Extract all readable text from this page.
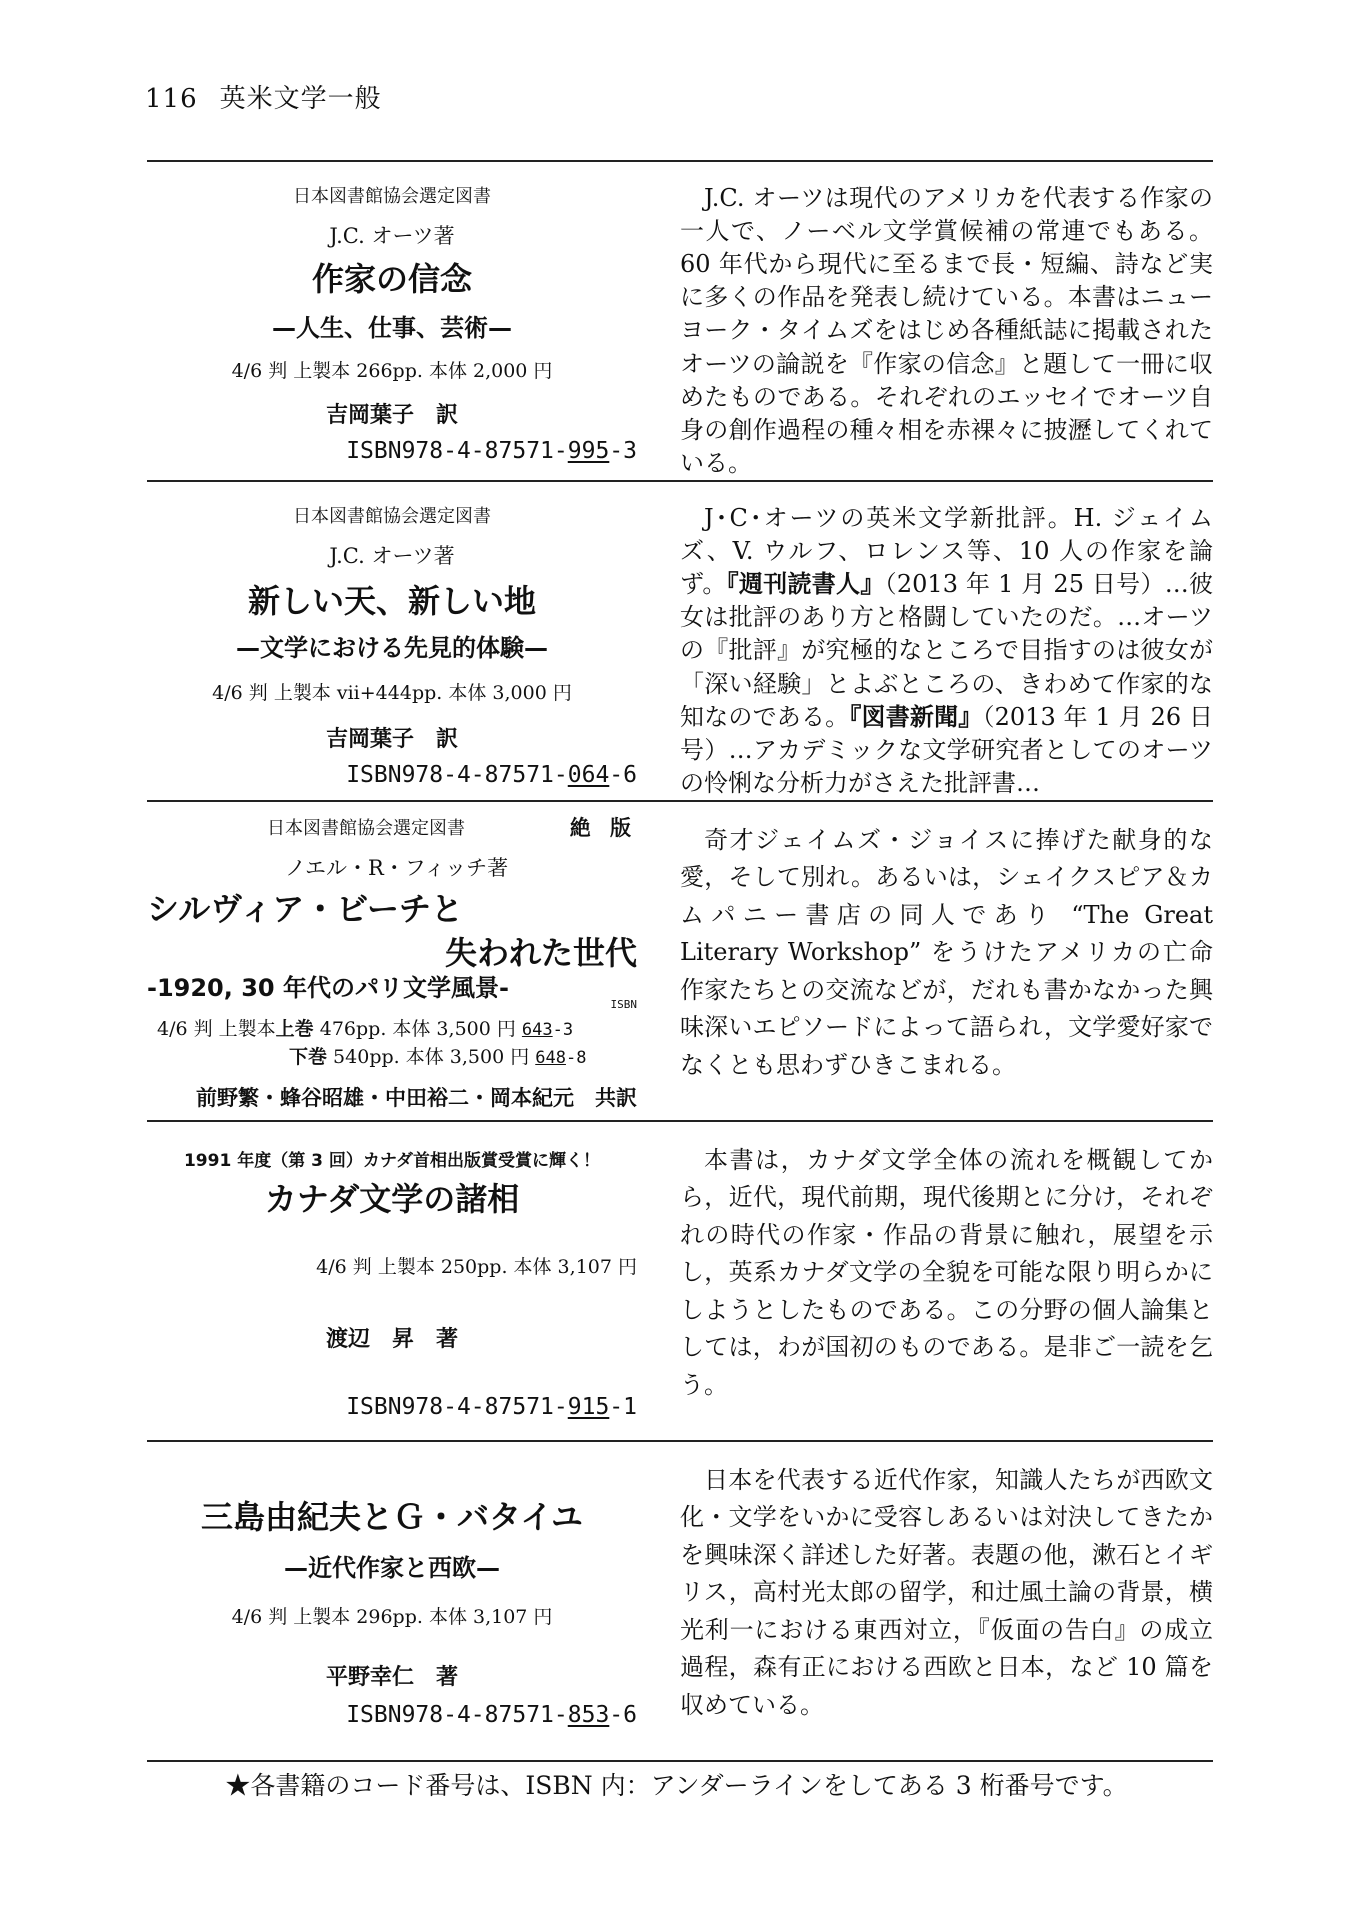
116 英米文学一般
日本図書館協会選定図書
J.C. オーツ著
作家の信念
—人生、仕事、芸術—
4/6 判 上製本 266pp. 本体 2,000 円
吉岡葉子　訳
ISBN978-4-87571-995-3

J.C. オーツは現代のアメリカを代表する作家の一人で、ノーベル文学賞候補の常連でもある。60 年代から現代に至るまで長・短編、詩など実に多くの作品を発表し続けている。本書はニューヨーク・タイムズをはじめ各種紙誌に掲載されたオーツの論説を『作家の信念』と題して一冊に収めたものである。それぞれのエッセイでオーツ自身の創作過程の種々相を赤裸々に披瀝してくれている。

日本図書館協会選定図書
J.C. オーツ著
新しい天、新しい地
—文学における先見的体験—
4/6 判 上製本 vii+444pp. 本体 3,000 円
吉岡葉子　訳
ISBN978-4-87571-064-6

J･C･オーツの英米文学新批評。H. ジェイムズ、V. ウルフ、ロレンス等、10 人の作家を論ず。『週刊読書人』（2013 年 1 月 25 日号）…彼女は批評のあり方と格闘していたのだ。…オーツの『批評』が究極的なところで目指すのは彼女が「深い経験」とよぶところの、きわめて作家的な知なのである。『図書新聞』（2013 年 1 月 26 日号）…アカデミックな文学研究者としてのオーツの怜悧な分析力がさえた批評書…

日本図書館協会選定図書	絶 版
ノエル・R・フィッチ著
シルヴィア・ビーチと
失われた世代
-1920, 30 年代のパリ文学風景-
ISBN
4/6 判 上製本上巻 476pp. 本体 3,500 円 643-3
下巻 540pp. 本体 3,500 円 648-8
前野繁・蜂谷昭雄・中田裕二・岡本紀元　共訳

奇才ジェイムズ・ジョイスに捧げた献身的な愛，そして別れ。あるいは，シェイクスピア＆カムパニー書店の同人であり “The Great Literary Workshop” をうけたアメリカの亡命作家たちとの交流などが，だれも書かなかった興味深いエピソードによって語られ，文学愛好家でなくとも思わずひきこまれる。

1991 年度（第 3 回）カナダ首相出版賞受賞に輝く！
カナダ文学の諸相
4/6 判 上製本 250pp. 本体 3,107 円
渡辺　昇　著
ISBN978-4-87571-915-1

本書は，カナダ文学全体の流れを概観してから，近代，現代前期，現代後期とに分け，それぞれの時代の作家・作品の背景に触れ，展望を示し，英系カナダ文学の全貌を可能な限り明らかにしようとしたものである。この分野の個人論集としては，わが国初のものである。是非ご一読を乞う。

三島由紀夫とＧ・バタイユ
—近代作家と西欧—
4/6 判 上製本 296pp. 本体 3,107 円
平野幸仁　著
ISBN978-4-87571-853-6

日本を代表する近代作家，知識人たちが西欧文化・文学をいかに受容しあるいは対決してきたかを興味深く詳述した好著。表題の他，漱石とイギリス，高村光太郎の留学，和辻風土論の背景，横光利一における東西対立，『仮面の告白』の成立過程，森有正における西欧と日本，など 10 篇を収めている。

★各書籍のコード番号は、ISBN 内：アンダーラインをしてある 3 桁番号です。
